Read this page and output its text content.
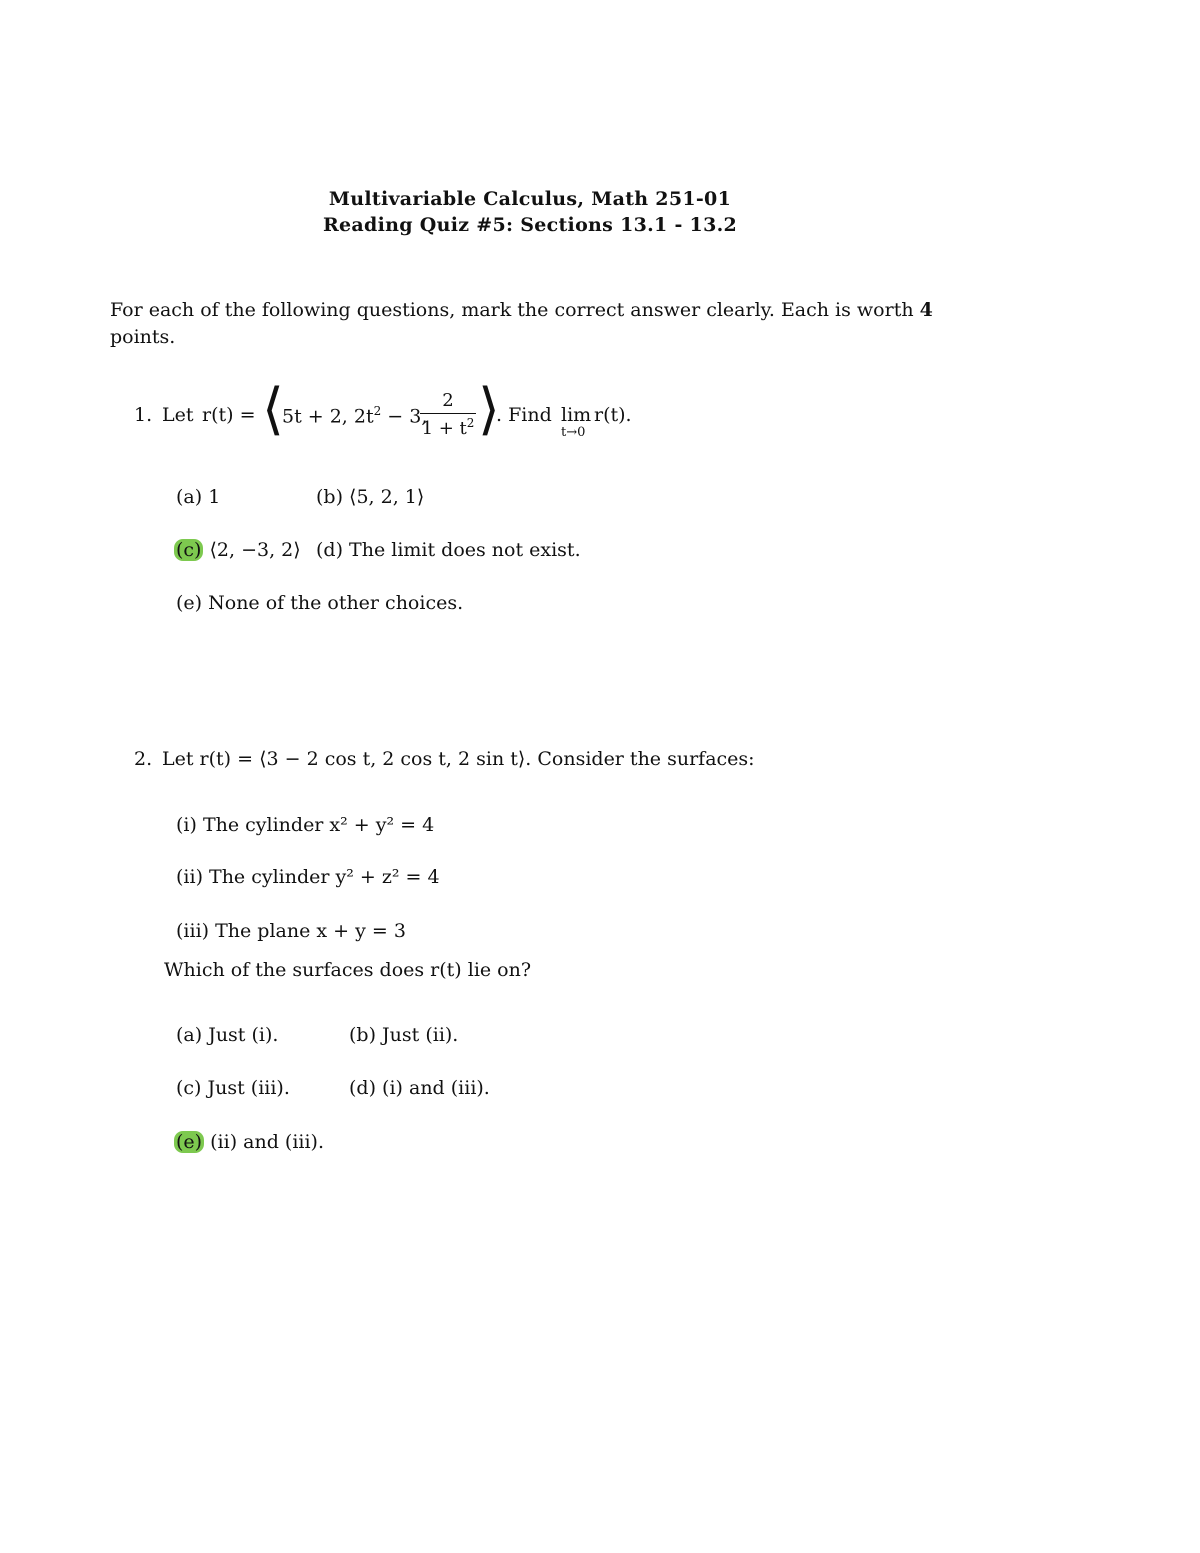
Multivariable Calculus, Math 251-01
Reading Quiz #5: Sections 13.1 - 13.2
For each of the following questions, mark the correct answer clearly. Each is worth 4
points.
1. Let r(t) = ⟨
5t + 2, $2t^2 - 3$,
2
$1 + t^2$ ⟩
. Find lim
t→0
r(t).
(a) 1	(b) ⟨5, 2, 1⟩
(c) ⟨2, −3, 2⟩ (d) The limit does not exist.
(e) None of the other choices.
2. Let r(t) = ⟨3 − 2 cos t, 2 cos t, 2 sin t⟩. Consider the surfaces:
(i) The cylinder x² + y² = 4
(ii) The cylinder y² + z² = 4
(iii) The plane x + y = 3
Which of the surfaces does r(t) lie on?
(a) Just (i).	(b) Just (ii).
(c) Just (iii).	(d) (i) and (iii).
(e) (ii) and (iii).
